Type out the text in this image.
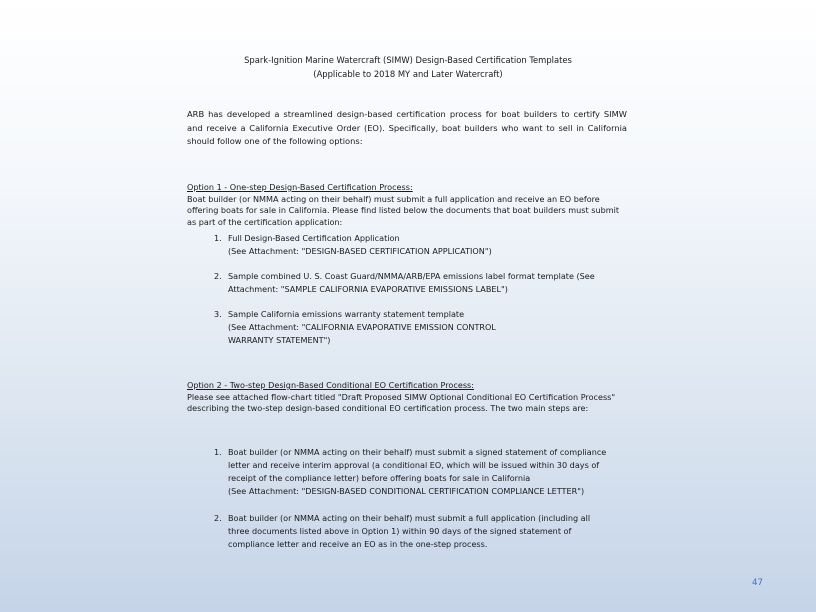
Spark-Ignition Marine Watercraft (SIMW) Design-Based Certification Templates
(Applicable to 2018 MY and Later Watercraft)
ARB has developed a streamlined design-based certification process for boat builders to certify SIMW and receive a California Executive Order (EO). Specifically, boat builders who want to sell in California should follow one of the following options:
Option 1 - One-step Design-Based Certification Process:
Boat builder (or NMMA acting on their behalf) must submit a full application and receive an EO before offering boats for sale in California. Please find listed below the documents that boat builders must submit as part of the certification application:
1. Full Design-Based Certification Application
(See Attachment: "DESIGN-BASED CERTIFICATION APPLICATION")
2. Sample combined U. S. Coast Guard/NMMA/ARB/EPA emissions label format template (See Attachment: "SAMPLE CALIFORNIA EVAPORATIVE EMISSIONS LABEL")
3. Sample California emissions warranty statement template
(See Attachment: "CALIFORNIA EVAPORATIVE EMISSION CONTROL WARRANTY STATEMENT")
Option 2 - Two-step Design-Based Conditional EO Certification Process:
Please see attached flow-chart titled "Draft Proposed SIMW Optional Conditional EO Certification Process" describing the two-step design-based conditional EO certification process. The two main steps are:
1. Boat builder (or NMMA acting on their behalf) must submit a signed statement of compliance letter and receive interim approval (a conditional EO, which will be issued within 30 days of receipt of the compliance letter) before offering boats for sale in California
(See Attachment: "DESIGN-BASED CONDITIONAL CERTIFICATION COMPLIANCE LETTER")
2. Boat builder (or NMMA acting on their behalf) must submit a full application (including all three documents listed above in Option 1) within 90 days of the signed statement of compliance letter and receive an EO as in the one-step process.
47
